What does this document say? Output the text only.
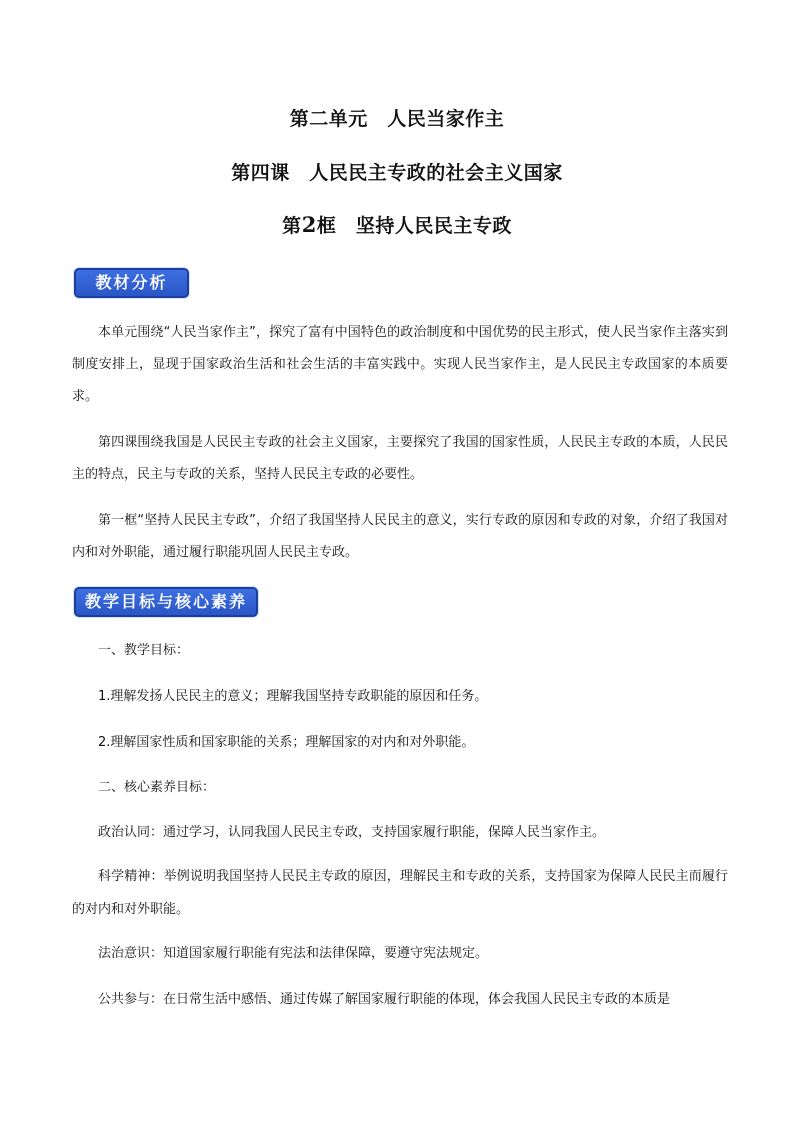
第二单元　人民当家作主
第四课　人民民主专政的社会主义国家
第2框　坚持人民民主专政
教材分析

本单元围绕“人民当家作主”，探究了富有中国特色的政治制度和中国优势的民主形式，使人民当家作主落实到制度安排上，显现于国家政治生活和社会生活的丰富实践中。实现人民当家作主，是人民民主专政国家的本质要求。

第四课围绕我国是人民民主专政的社会主义国家，主要探究了我国的国家性质，人民民主专政的本质，人民民主的特点，民主与专政的关系，坚持人民民主专政的必要性。

第一框“坚持人民民主专政”，介绍了我国坚持人民民主的意义，实行专政的原因和专政的对象，介绍了我国对内和对外职能，通过履行职能巩固人民民主专政。

教学目标与核心素养

一、教学目标：

1.理解发扬人民民主的意义；理解我国坚持专政职能的原因和任务。

2.理解国家性质和国家职能的关系；理解国家的对内和对外职能。

二、核心素养目标：

政治认同：通过学习，认同我国人民民主专政，支持国家履行职能，保障人民当家作主。

科学精神：举例说明我国坚持人民民主专政的原因，理解民主和专政的关系，支持国家为保障人民民主而履行的对内和对外职能。

法治意识：知道国家履行职能有宪法和法律保障，要遵守宪法规定。

公共参与：在日常生活中感悟、通过传媒了解国家履行职能的体现，体会我国人民民主专政的本质是
